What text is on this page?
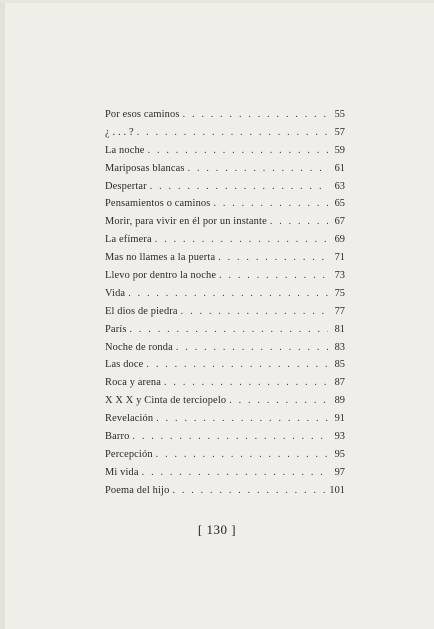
Por esos caminos . . .	55
¿ . . . ? . . .	57
La noche . . .	59
Mariposas blancas . . .	61
Despertar . . .	63
Pensamientos o caminos . . .	65
Morir, para vivir en él por un instante . . .	67
La efímera . . .	69
Mas no llames a la puerta . . .	71
Llevo por dentro la noche . . .	73
Vida . . .	75
El dios de piedra . . .	77
París . . .	81
Noche de ronda . . .	83
Las doce . . .	85
Roca y arena . . .	87
X X X y Cinta de terciopelo . . .	89
Revelación . . .	91
Barro . . .	93
Percepción . . .	95
Mi vida . . .	97
Poema del hijo . . .	101
[ 130 ]
